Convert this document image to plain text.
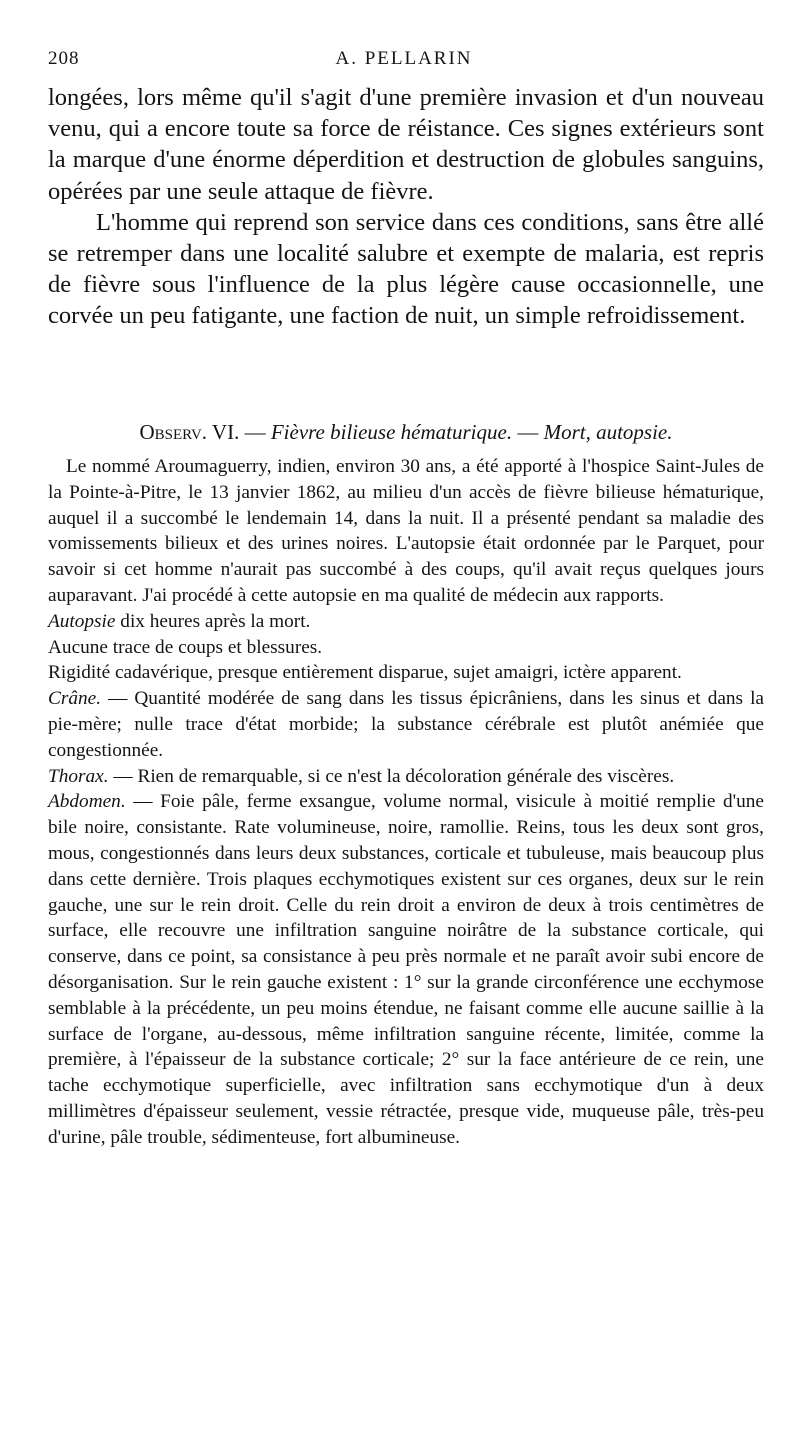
208	A. PELLARIN

longées, lors même qu'il s'agit d'une première invasion et d'un nouveau venu, qui a encore toute sa force de réistance. Ces signes extérieurs sont la marque d'une énorme déperdition et destruction de globules sanguins, opérées par une seule attaque de fièvre.

L'homme qui reprend son service dans ces conditions, sans être allé se retremper dans une localité salubre et exempte de malaria, est repris de fièvre sous l'influence de la plus légère cause occasionnelle, une corvée un peu fatigante, une faction de nuit, un simple refroidissement.

Observ. VI. — Fièvre bilieuse hématurique. — Mort, autopsie.

Le nommé Aroumaguerry, indien, environ 30 ans, a été apporté à l'hospice Saint-Jules de la Pointe-à-Pitre, le 13 janvier 1862, au milieu d'un accès de fièvre bilieuse hématurique, auquel il a succombé le lendemain 14, dans la nuit. Il a présenté pendant sa maladie des vomissements bilieux et des urines noires. L'autopsie était ordonnée par le Parquet, pour savoir si cet homme n'aurait pas succombé à des coups, qu'il avait reçus quelques jours auparavant. J'ai procédé à cette autopsie en ma qualité de médecin aux rapports.

Autopsie dix heures après la mort.

Aucune trace de coups et blessures.

Rigidité cadavérique, presque entièrement disparue, sujet amaigri, ictère apparent.

Crâne. — Quantité modérée de sang dans les tissus épicrâniens, dans les sinus et dans la pie-mère; nulle trace d'état morbide; la substance cérébrale est plutôt anémiée que congestionnée.

Thorax. — Rien de remarquable, si ce n'est la décoloration générale des viscères.

Abdomen. — Foie pâle, ferme exsangue, volume normal, visicule à moitié remplie d'une bile noire, consistante. Rate volumineuse, noire, ramollie. Reins, tous les deux sont gros, mous, congestionnés dans leurs deux substances, corticale et tubuleuse, mais beaucoup plus dans cette dernière. Trois plaques ecchymotiques existent sur ces organes, deux sur le rein gauche, une sur le rein droit. Celle du rein droit a environ de deux à trois centimètres de surface, elle recouvre une infiltration sanguine noirâtre de la substance corticale, qui conserve, dans ce point, sa consistance à peu près normale et ne paraît avoir subi encore de désorganisation. Sur le rein gauche existent : 1° sur la grande circonférence une ecchymose semblable à la précédente, un peu moins étendue, ne faisant comme elle aucune saillie à la surface de l'organe, au-dessous, même infiltration sanguine récente, limitée, comme la première, à l'épaisseur de la substance corticale; 2° sur la face antérieure de ce rein, une tache ecchymotique superficielle, avec infiltration sans ecchymotique d'un à deux millimètres d'épaisseur seulement, vessie rétractée, presque vide, muqueuse pâle, très-peu d'urine, pâle trouble, sédimenteuse, fort albumineuse.
